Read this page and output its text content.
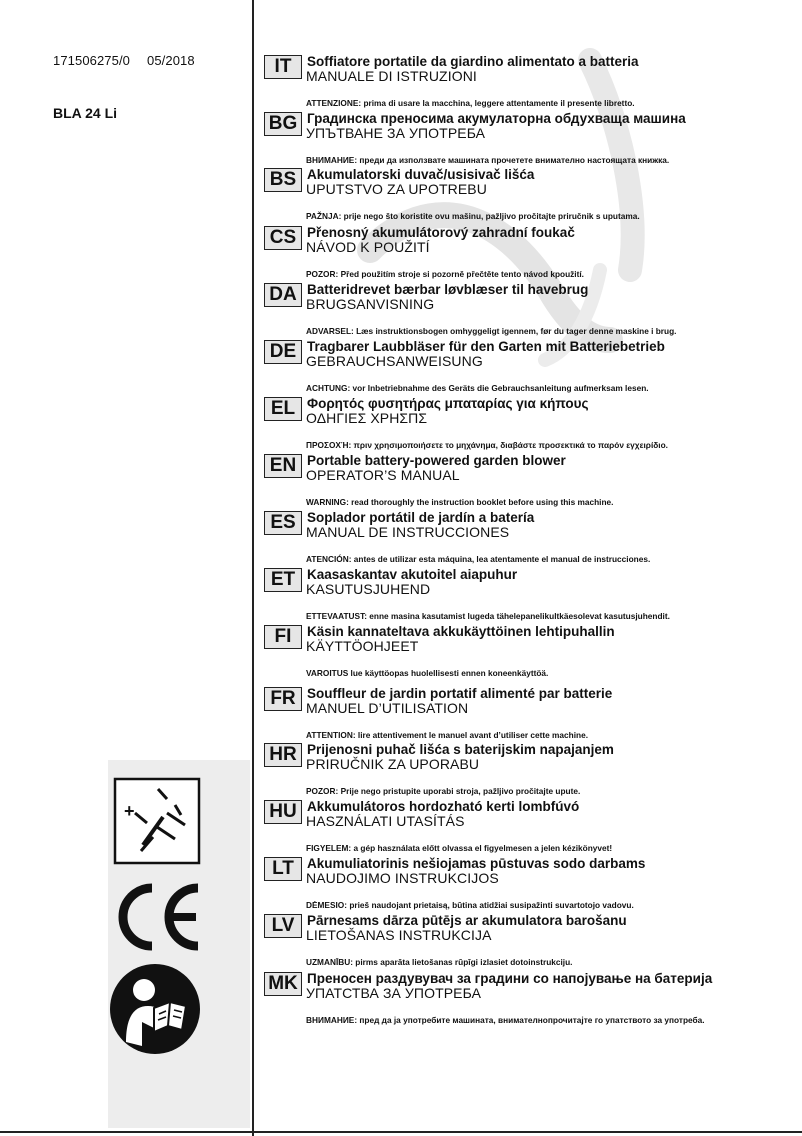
171506275/0 05/2018
BLA 24 Li
+
IT	Soffiatore portatile da giardino alimentato a batteria
MANUALE DI ISTRUZIONI
ATTENZIONE: prima di usare la macchina, leggere attentamente il presente libretto.
BG Градинска преносима акумулаторна обдухваща машина
УПЪТВАНЕ ЗА УПОТРЕБА
ВНИМАНИЕ: преди да използвате машината прочетете внимателно настоящата книжка.
BS Akumulatorski duvač/usisivač lišća
UPUTSTVO ZA UPOTREBU
PAŽNJA: prije nego što koristite ovu mašinu, pažljivo pročitajte priručnik s uputama.
CS Přenosný akumulátorový zahradní foukač
NÁVOD K POUŽITÍ
POZOR: Před použitím stroje si pozorně přečtěte tento návod kpoužití.
DA Batteridrevet bærbar løvblæser til havebrug
BRUGSANVISNING
ADVARSEL: Læs instruktionsbogen omhyggeligt igennem, før du tager denne maskine i brug.
DE Tragbarer Laubbläser für den Garten mit Batteriebetrieb
GEBRAUCHSANWEISUNG
ACHTUNG: vor Inbetriebnahme des Geräts die Gebrauchsanleitung aufmerksam lesen.
EL Φορητός φυσητήρας μπαταρίας για κήπους
ΟΔΗΓΙΕΣ ΧΡΗΣΠΣ
ΠΡΟΣΟΧΉ: πριν χρησιμοποιήσετε το μηχάνημα, διαβάστε προσεκτικά το παρόν εγχειρίδιο.
EN Portable battery-powered garden blower
OPERATOR’S MANUAL
WARNING: read thoroughly the instruction booklet before using this machine.
ES Soplador portátil de jardín a batería
MANUAL DE INSTRUCCIONES
ATENCIÓN: antes de utilizar esta máquina, lea atentamente el manual de instrucciones.
ET Kaasaskantav akutoitel aiapuhur
KASUTUSJUHEND
ETTEVAATUST: enne masina kasutamist lugeda tähelepanelikultkäesolevat kasutusjuhendit.
FI	Käsin kannateltava akkukäyttöinen lehtipuhallin
KÄYTTÖOHJEET
VAROITUS lue käyttöopas huolellisesti ennen koneenkäyttöä.
FR Souffleur de jardin portatif alimenté par batterie
MANUEL D’UTILISATION
ATTENTION: lire attentivement le manuel avant d’utiliser cette machine.
HR Prijenosni puhač lišća s baterijskim napajanjem
PRIRUČNIK ZA UPORABU
POZOR: Prije nego pristupite uporabi stroja, pažljivo pročitajte upute.
HU Akkumulátoros hordozható kerti lombfúvó
HASZNÁLATI UTASÍTÁS
FIGYELEM: a gép használata előtt olvassa el figyelmesen a jelen kézikönyvet!
LT Akumuliatorinis nešiojamas pūstuvas sodo darbams
NAUDOJIMO INSTRUKCIJOS
DĖMESIO: prieš naudojant prietaisą, būtina atidžiai susipažinti suvartotojo vadovu.
LV Pārnesams dārza pūtējs ar akumulatora barošanu
LIETOŠANAS INSTRUKCIJA
UZMANĪBU: pirms aparāta lietošanas rūpīgi izlasiet dotoinstrukciju.
MK Преносен раздувувач за градини со напојување на батерија
УПАТСТВА ЗА УПОТРЕБА
ВНИМАНИЕ: пред да ја употребите машината, внимателнопрочитајте го упатството за употреба.
